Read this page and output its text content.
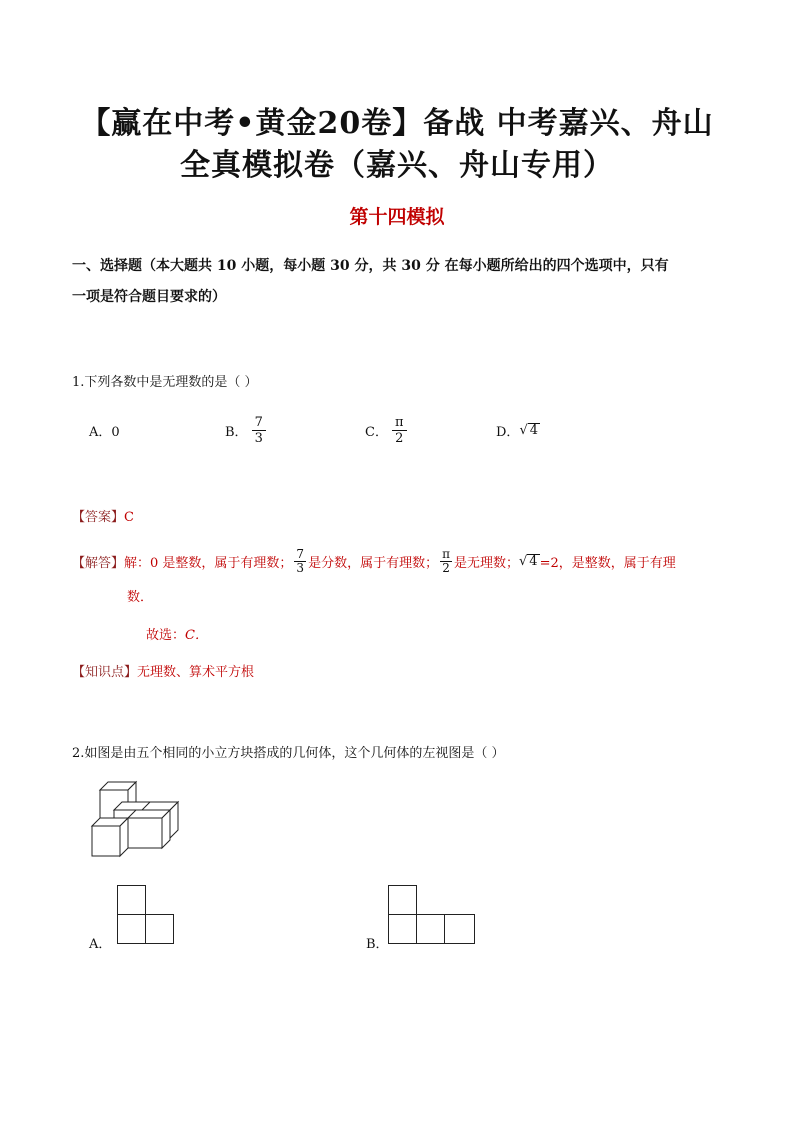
【赢在中考•黄金20卷】备战 中考嘉兴、舟山
全真模拟卷（嘉兴、舟山专用）
第十四模拟
一、选择题（本大题共 10 小题，每小题 30 分，共 30 分 在每小题所给出的四个选项中，只有
一项是符合题目要求的）
1.下列各数中是无理数的是（ ）
A．0	B． $\frac{7}{3}$	C． $\frac{\pi}{2}$	D． √ 4
【答案】C
【解答】 解：0 是整数，属于有理数； $\frac{7}{3}$ 是分数，属于有理数； $\frac{\pi}{2}$ 是无理数； √ 4 =2，是整数，属于有理
数．
故选：C．
【知识点】无理数、算术平方根
2.如图是由五个相同的小立方块搭成的几何体，这个几何体的左视图是（ ）
A．	B．
